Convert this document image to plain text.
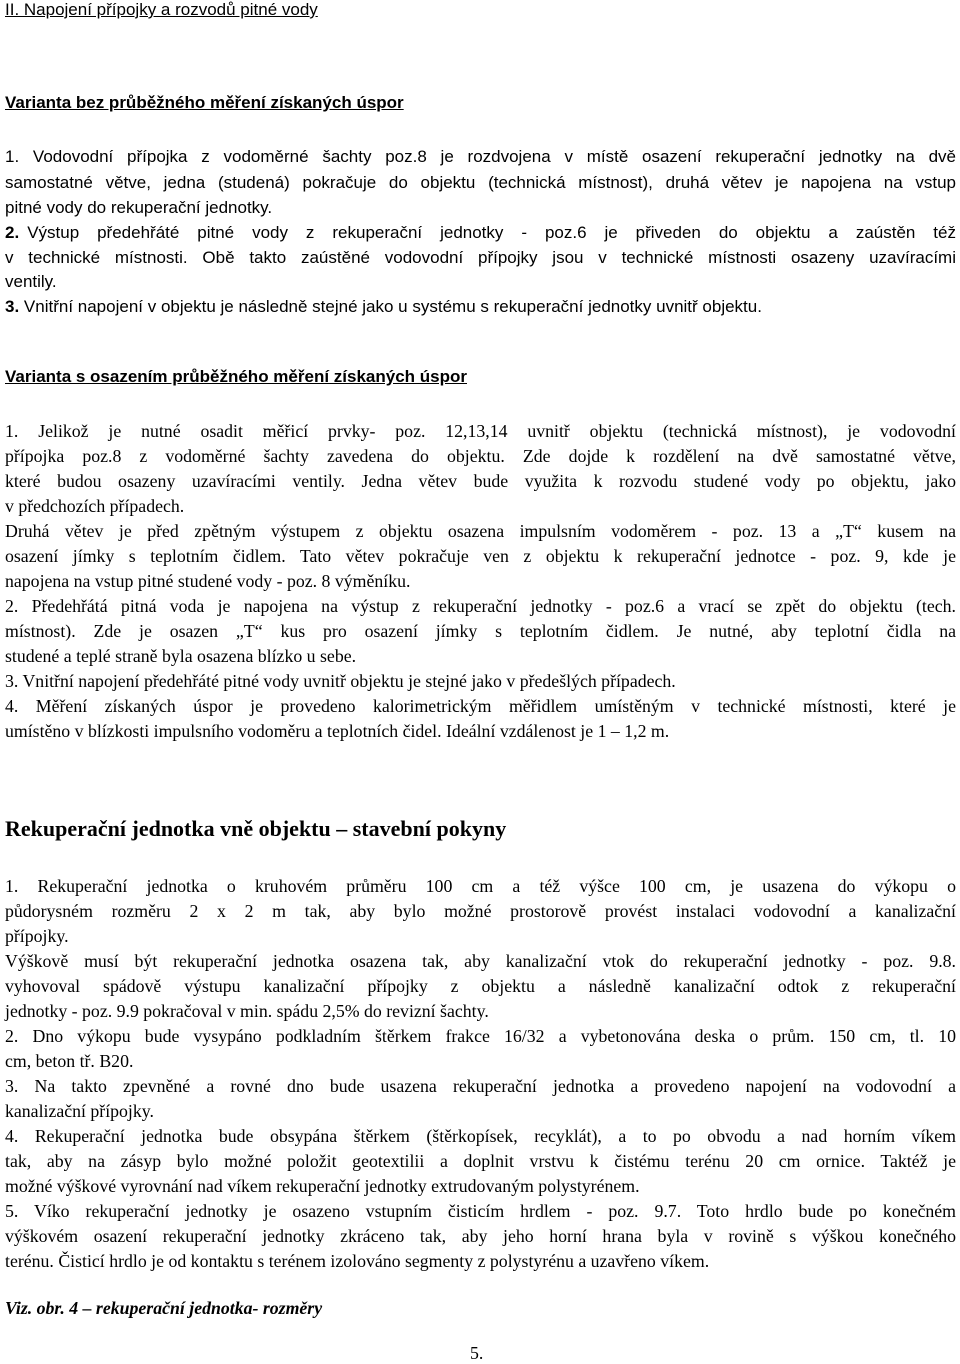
II. Napojení přípojky a rozvodů pitné vody

Varianta bez průběžného měření získaných úspor

1. Vodovodní přípojka z vodoměrné šachty poz.8 je rozdvojena v místě osazení rekuperační jednotky na dvě

samostatné větve, jedna (studená) pokračuje do objektu (technická místnost), druhá větev je napojena na vstup

pitné vody do rekuperační jednotky.

2. Výstup předehřáté pitné vody z rekuperační jednotky - poz.6 je přiveden do objektu a zaústěn též

v technické místnosti. Obě takto zaústěné vodovodní přípojky jsou v technické místnosti osazeny uzavíracími

ventily.

3. Vnitřní napojení v objektu je následně stejné jako u systému s rekuperační jednotky uvnitř objektu.

Varianta s osazením průběžného měření získaných úspor

1. Jelikož je nutné osadit měřicí prvky- poz. 12,13,14 uvnitř objektu (technická místnost), je vodovodní

přípojka poz.8 z vodoměrné šachty zavedena do objektu. Zde dojde k rozdělení na dvě samostatné větve,

které budou osazeny uzavíracími ventily. Jedna větev bude využita k rozvodu studené vody po objektu, jako

v předchozích případech.

Druhá větev je před zpětným výstupem z objektu osazena impulsním vodoměrem - poz. 13 a „T“ kusem na

osazení jímky s teplotním čidlem. Tato větev pokračuje ven z objektu k rekuperační jednotce - poz. 9, kde je

napojena na vstup pitné studené vody - poz. 8 výměníku.

2. Předehřátá pitná voda je napojena na výstup z rekuperační jednotky - poz.6 a vrací se zpět do objektu (tech.

místnost). Zde je osazen „T“ kus pro osazení jímky s teplotním čidlem. Je nutné, aby teplotní čidla na

studené a teplé straně byla osazena blízko u sebe.

3. Vnitřní napojení předehřáté pitné vody uvnitř objektu je stejné jako v předešlých případech.

4. Měření získaných úspor je provedeno kalorimetrickým měřidlem umístěným v technické místnosti, které je

umístěno v blízkosti impulsního vodoměru a teplotních čidel. Ideální vzdálenost je 1 – 1,2 m.

Rekuperační jednotka vně objektu – stavební pokyny

1. Rekuperační jednotka o kruhovém průměru 100 cm a též výšce 100 cm, je usazena do výkopu o

půdorysném rozměru 2 x 2 m tak, aby bylo možné prostorově provést instalaci vodovodní a kanalizační

přípojky.

Výškově musí být rekuperační jednotka osazena tak, aby kanalizační vtok do rekuperační jednotky - poz. 9.8.

vyhovoval spádově výstupu kanalizační přípojky z objektu a následně kanalizační odtok z rekuperační

jednotky - poz. 9.9 pokračoval v min. spádu 2,5% do revizní šachty.

2. Dno výkopu bude vysypáno podkladním štěrkem frakce 16/32 a vybetonována deska o prům. 150 cm, tl. 10

cm, beton tř. B20.

3. Na takto zpevněné a rovné dno bude usazena rekuperační jednotka a provedeno napojení na vodovodní a

kanalizační přípojky.

4. Rekuperační jednotka bude obsypána štěrkem (štěrkopísek, recyklát), a to po obvodu a nad horním víkem

tak, aby na zásyp bylo možné položit geotextilii a doplnit vrstvu k čistému terénu 20 cm ornice. Taktéž je

možné výškové vyrovnání nad víkem rekuperační jednotky extrudovaným polystyrénem.

5. Víko rekuperační jednotky je osazeno vstupním čisticím hrdlem - poz. 9.7. Toto hrdlo bude po konečném

výškovém osazení rekuperační jednotky zkráceno tak, aby jeho horní hrana byla v rovině s výškou konečného

terénu. Čisticí hrdlo je od kontaktu s terénem izolováno segmenty z polystyrénu a uzavřeno víkem.

Viz. obr. 4 – rekuperační jednotka- rozměry

5.
